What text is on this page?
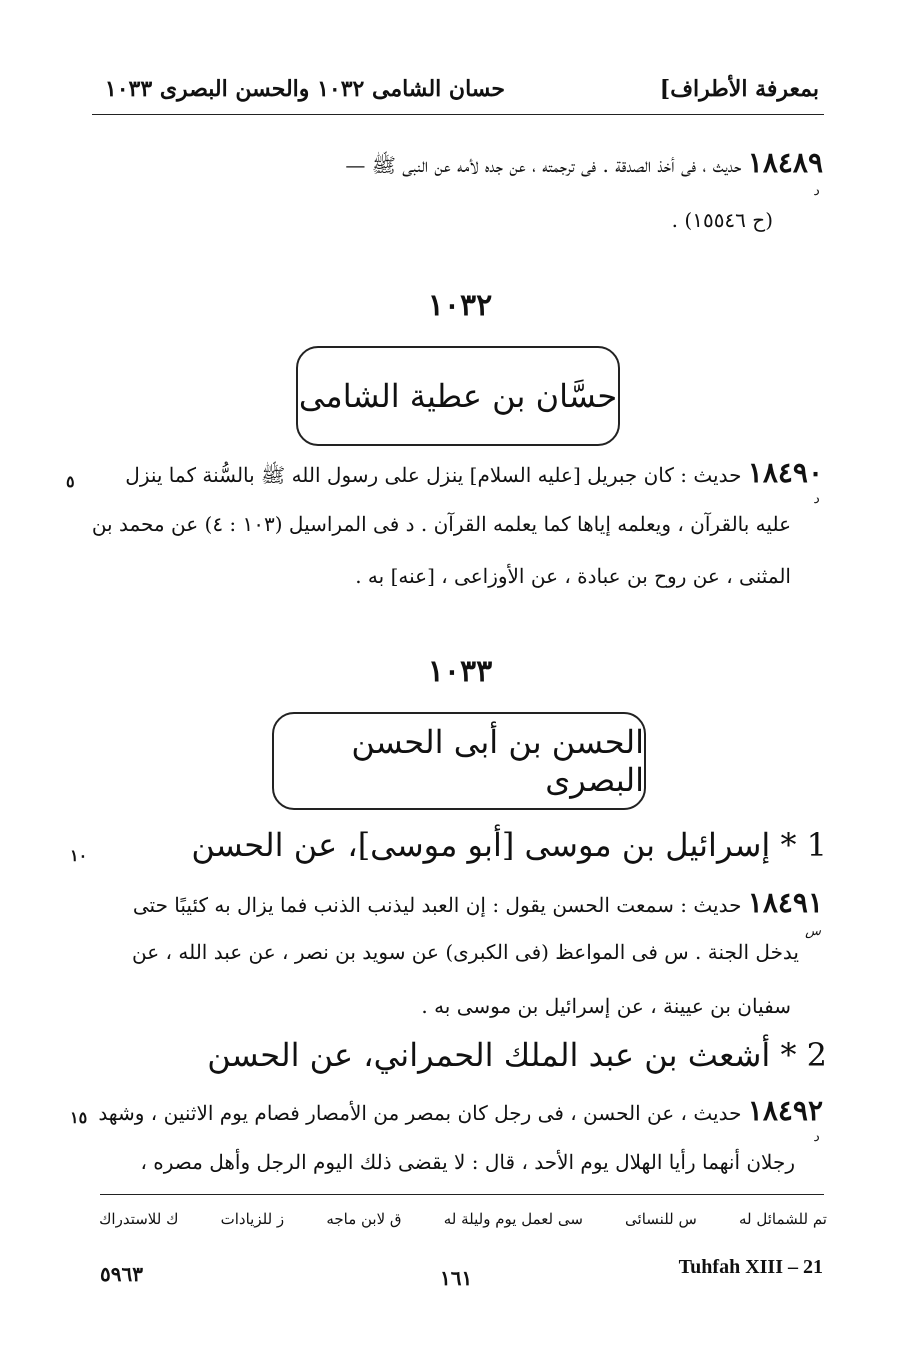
بمعرفة الأطراف]
حسان الشامى ١٠٣٢ والحسن البصرى ١٠٣٣
١٨٤٨٩ حديث ، فى أخذ الصدقة . فى ترجمته ، عن جده لأمه عن النبى ﷺ —
د
(ح ١٥٥٤٦) .
١٠٣٢
حسَّان بن عطية الشامى
٥	١٨٤٩٠ حديث : كان جبريل [عليه السلام] ينزل على رسول الله ﷺ بالسُّنة كما ينزل
د
عليه بالقرآن ، ويعلمه إياها كما يعلمه القرآن . د فى المراسيل (١٠٣ : ٤) عن محمد بن
المثنى ، عن روح بن عبادة ، عن الأوزاعى ، [عنه] به .
١٠٣٣
الحسن بن أبى الحسن البصرى
١٠	1 * إسرائيل بن موسى [أبو موسى]، عن الحسن
١٨٤٩١ حديث : سمعت الحسن يقول : إن العبد ليذنب الذنب فما يزال به كئيبًا حتى
س
يدخل الجنة . س فى المواعظ (فى الكبرى) عن سويد بن نصر ، عن عبد الله ، عن
سفيان بن عيينة ، عن إسرائيل بن موسى به .
2 * أشعث بن عبد الملك الحمراني، عن الحسن
١٥	١٨٤٩٢ حديث ، عن الحسن ، فى رجل كان بمصر من الأمصار فصام يوم الاثنين ، وشهد
د
رجلان أنهما رأيا الهلال يوم الأحد ، قال : لا يقضى ذلك اليوم الرجل وأهل مصره ،
تم للشمائل له
س للنسائى
سى لعمل يوم وليلة له
ق لابن ماجه
ز للزيادات
ك للاستدراك
٥٩٦٣	١٦١	Tuhfah XIII – 21
